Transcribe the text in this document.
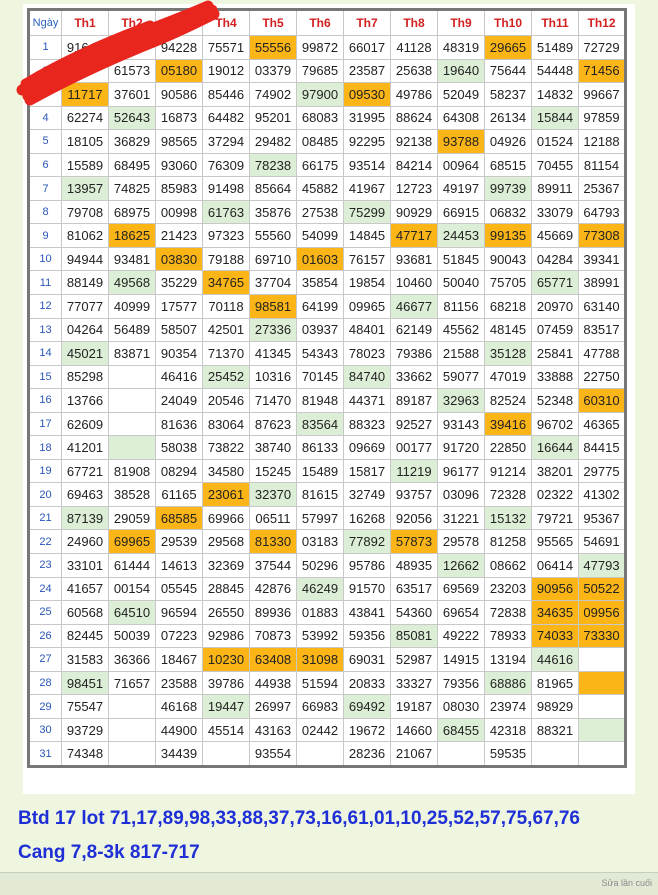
Ngày	Th1	Th2	Th3	Th4	Th5	Th6	Th7	Th8	Th9	Th10	Th11	Th12
1	91640		94228	75571	55556	99872	66017	41128	48319	29665	51489	72729
2		61573	05180	19012	03379	79685	23587	25638	19640	75644	54448	71456
3	11717	37601	90586	85446	74902	97900	09530	49786	52049	58237	14832	99667
4	62274	52643	16873	64482	95201	68083	31995	88624	64308	26134	15844	97859
5	18105	36829	98565	37294	29482	08485	92295	92138	93788	04926	01524	12188
6	15589	68495	93060	76309	78238	66175	93514	84214	00964	68515	70455	81154
7	13957	74825	85983	91498	85664	45882	41967	12723	49197	99739	89911	25367
8	79708	68975	00998	61763	35876	27538	75299	90929	66915	06832	33079	64793
9	81062	18625	21423	97323	55560	54099	14845	47717	24453	99135	45669	77308
10	94944	93481	03830	79188	69710	01603	76157	93681	51845	90043	04284	39341
11	88149	49568	35229	34765	37704	35854	19854	10460	50040	75705	65771	38991
12	77077	40999	17577	70118	98581	64199	09965	46677	81156	68218	20970	63140
13	04264	56489	58507	42501	27336	03937	48401	62149	45562	48145	07459	83517
14	45021	83871	90354	71370	41345	54343	78023	79386	21588	35128	25841	47788
15	85298		46416	25452	10316	70145	84740	33662	59077	47019	33888	22750
16	13766		24049	20546	71470	81948	44371	89187	32963	82524	52348	60310
17	62609		81636	83064	87623	83564	88323	92527	93143	39416	96702	46365
18	41201		58038	73822	38740	86133	09669	00177	91720	22850	16644	84415
19	67721	81908	08294	34580	15245	15489	15817	11219	96177	91214	38201	29775
20	69463	38528	61165	23061	32370	81615	32749	93757	03096	72328	02322	41302
21	87139	29059	68585	69966	06511	57997	16268	92056	31221	15132	79721	95367
22	24960	69965	29539	29568	81330	03183	77892	57873	29578	81258	95565	54691
23	33101	61444	14613	32369	37544	50296	95786	48935	12662	08662	06414	47793
24	41657	00154	05545	28845	42876	46249	91570	63517	69569	23203	90956	50522
25	60568	64510	96594	26550	89936	01883	43841	54360	69654	72838	34635	09956
26	82445	50039	07223	92986	70873	53992	59356	85081	49222	78933	74033	73330
27	31583	36366	18467	10230	63408	31098	69031	52987	14915	13194	44616	
28	98451	71657	23588	39786	44938	51594	20833	33327	79356	68886	81965	
29	75547		46168	19447	26997	66983	69492	19187	08030	23974	98929	
30	93729		44900	45514	43163	02442	19672	14660	68455	42318	88321	
31	74348		34439		93554		28236	21067		59535		
Btd 17 lot 71,17,89,98,33,88,37,73,16,61,01,10,25,52,57,75,67,76
Cang 7,8-3k 817-717
Sửa lần cuối
